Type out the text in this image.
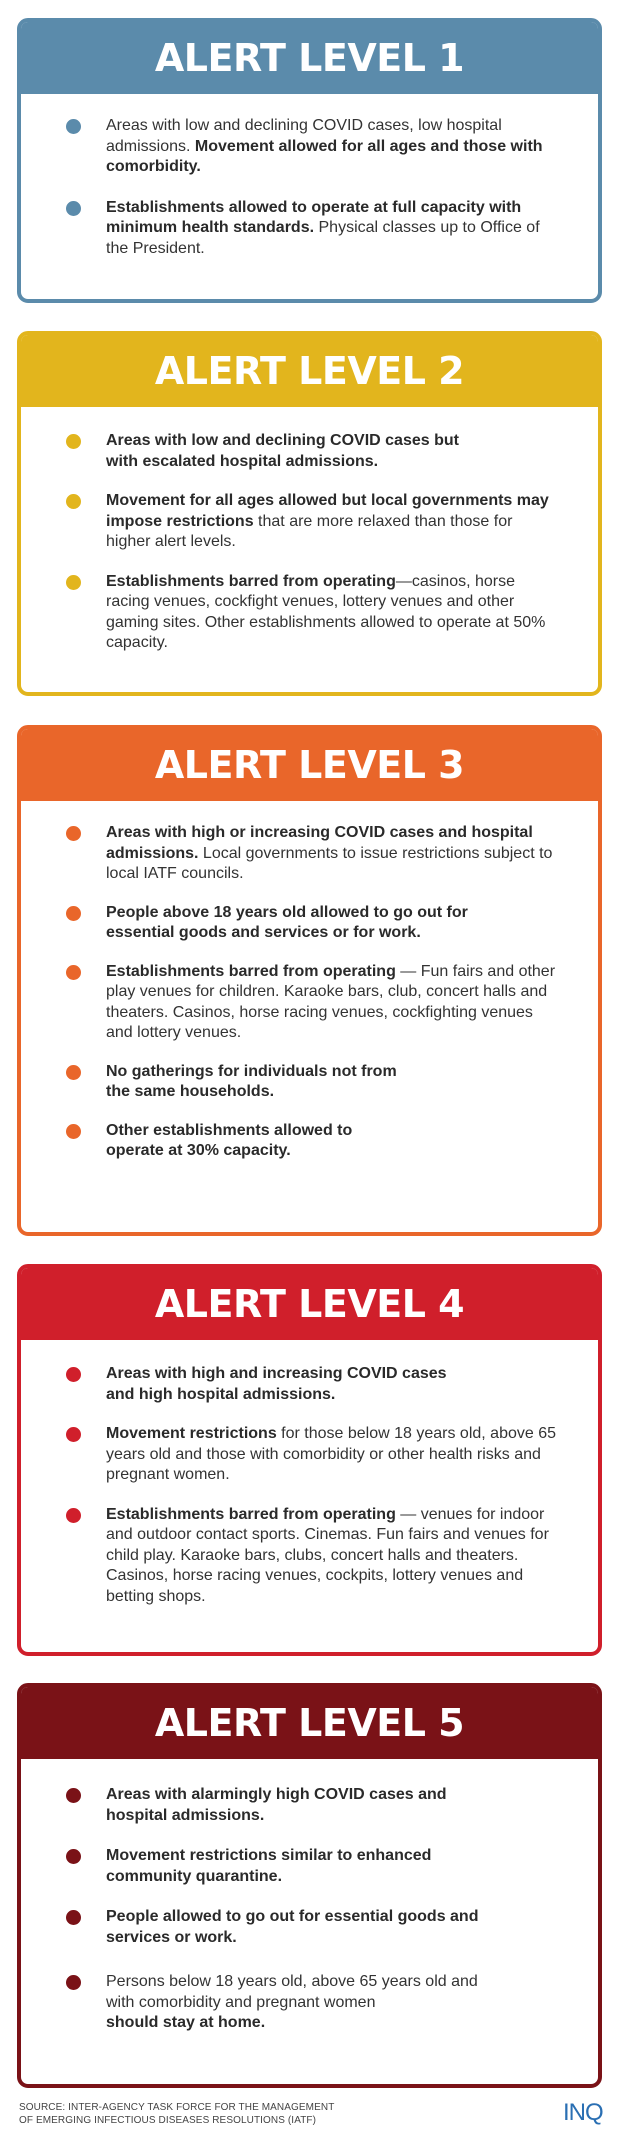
ALERT LEVEL 1
Areas with low and declining COVID cases, low hospital admissions. Movement allowed for all ages and those with comorbidity.
Establishments allowed to operate at full capacity with minimum health standards. Physical classes up to Office of the President.
ALERT LEVEL 2
Areas with low and declining COVID cases but with escalated hospital admissions.
Movement for all ages allowed but local governments may impose restrictions that are more relaxed than those for higher alert levels.
Establishments barred from operating—casinos, horse racing venues, cockfight venues, lottery venues and other gaming sites. Other establishments allowed to operate at 50% capacity.
ALERT LEVEL 3
Areas with high or increasing COVID cases and hospital admissions. Local governments to issue restrictions subject to local IATF councils.
People above 18 years old allowed to go out for essential goods and services or for work.
Establishments barred from operating — Fun fairs and other play venues for children. Karaoke bars, club, concert halls and theaters. Casinos, horse racing venues, cockfighting venues and lottery venues.
No gatherings for individuals not from the same households.
Other establishments allowed to operate at 30% capacity.
ALERT LEVEL 4
Areas with high and increasing COVID cases and high hospital admissions.
Movement restrictions for those below 18 years old, above 65 years old and those with comorbidity or other health risks and pregnant women.
Establishments barred from operating — venues for indoor and outdoor contact sports. Cinemas. Fun fairs and venues for child play. Karaoke bars, clubs, concert halls and theaters. Casinos, horse racing venues, cockpits, lottery venues and betting shops.
ALERT LEVEL 5
Areas with alarmingly high COVID cases and hospital admissions.
Movement restrictions similar to enhanced community quarantine.
People allowed to go out for essential goods and services or work.
Persons below 18 years old, above 65 years old and with comorbidity and pregnant women
should stay at home.
SOURCE: INTER-AGENCY TASK FORCE FOR THE MANAGEMENT
OF EMERGING INFECTIOUS DISEASES RESOLUTIONS (IATF)	INQ
